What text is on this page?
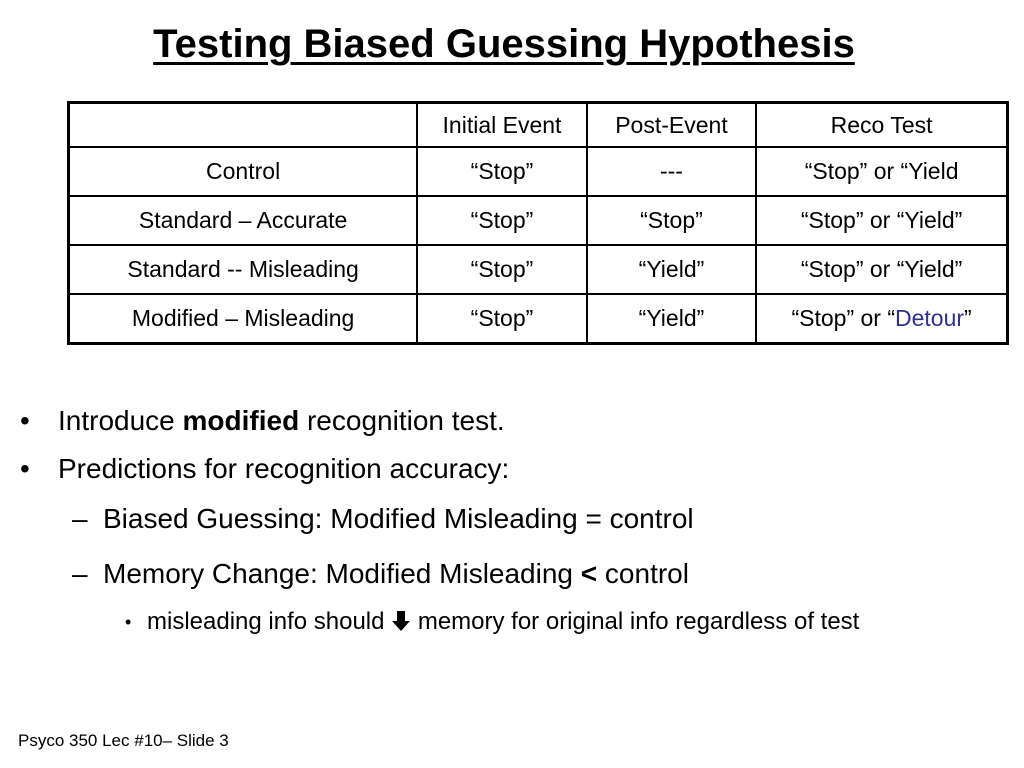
Testing Biased Guessing Hypothesis
	Initial Event	Post-Event	Reco Test
Control	“Stop”	---	“Stop” or “Yield
Standard – Accurate	“Stop”	“Stop”	“Stop” or “Yield”
Standard -- Misleading	“Stop”	“Yield”	“Stop” or “Yield”
Modified – Misleading	“Stop”	“Yield”	“Stop” or “Detour”
• Introduce modified recognition test.
• Predictions for recognition accuracy:
– Biased Guessing: Modified Misleading = control
– Memory Change: Modified Misleading < control
• misleading info should  memory for original info regardless of test
Psyco 350 Lec #10– Slide 3
